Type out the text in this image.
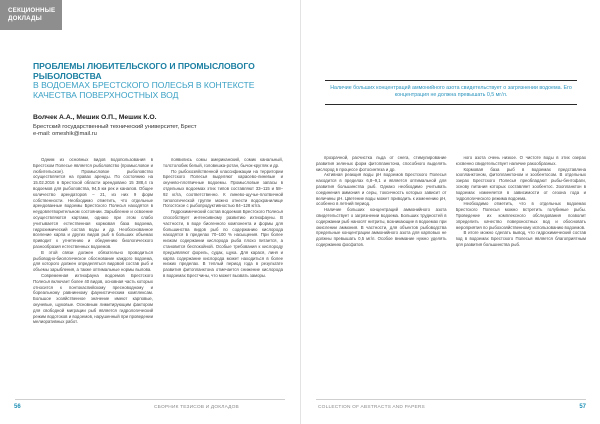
СЕКЦИОННЫЕ ДОКЛАДЫ
ПРОБЛЕМЫ ЛЮБИТЕЛЬСКОГО И ПРОМЫСЛОВОГО РЫБОЛОВСТВА
В ВОДОЕМАХ БРЕСТСКОГО ПОЛЕСЬЯ В КОНТЕКСТЕ КАЧЕСТВА ПОВЕРХНОСТНЫХ ВОД
Волчек А.А., Мешик О.П., Мешик К.О.
Брестский государственный технический университет, Брест
e-mail: omeshik@mail.ru

Одним из основных видов водопользования в Брестском Полесье является рыболовство (промысловое и любительское). Промысловое рыболовство осуществляется на правах аренды. По состоянию на 15.02.2016 в Брестской области арендовано 15 388,4 га водоемов для рыболовства, 94,5 км рек и каналов. Общее количество арендаторов – 21, из них 9 форм собственности. Необходимо отметить, что отдельные арендованные водоемы Брестского Полесья находятся в неудовлетворительном состоянии. Зарыбление и освоение осуществляются картами, однако при этом слабо учитывается естественная кормовая база водоема, гидрохимический состав воды и др. Необоснованное вселение карпа и других видов рыб в больших объемах приводит к угнетению и обеднению биологического разнообразия естественных водоемов.

В этой связи должен обязательно проводиться рыбоводно-биологическое обоснование каждого водоема, для которого должен определяться видовой состав рыб и объемы зарыбления, а также оптимальные нормы вылова.

Современная ихтиофауна водоемов Брестского Полесья включает более 40 видов, основная часть которых относится к понтокаспийскому пресноводному и бореальному равнинному фаунистическим комплексам. Большое хозяйственное значение имеют карповые, окуневые, щуковые. Основным лимитирующим фактором для свободной миграции рыб является гидрологический режим водотоков и водоемов, нарушенный при проведении мелиоративных работ.

появились сомы американский, сомик канальный, толстолобик белый, головешка-ротан, бычок-кругляк и др.

По рыбохозяйственной классификации на территории Брестского Полесья выделяют карасево-линевые и окунево-плотвичные водоемы. Промысловые запасы в отдельных водоемах этих типов составляют 33–115 и 58–92 кг/га, соответственно. К линево-щучье-плотвичной типологической группе можно отнести водохранилище Погостское с рыбопродуктивностью 84–128 кг/га.

Гидрохимический состав водоемов Брестского Полесья способствует интенсивному развитию ихтиофауны. В частности, в воде биогенного компонента и формы для большинства видов рыб по содержанию кислорода находятся в пределах 70–100 % насыщения. При более низком содержании кислорода рыба плохо питается, а становится беспокойной. Особые требования к кислороду предъявляют форель, судак, щука. Для карася, линя и карпа содержание кислорода может находиться в более низких пределах. В теплый период года в результате развития фитопланктона отмечается снижение кислорода в водоемах Брестчины, что может вызвать заморы.

56	СБОРНИК ТЕЗИСОВ И ДОКЛАДОВ
Наличие больших концентраций аммонийного азота свидетельствует о загрязнении водоема. Его концентрация не должна превышать 0,5 мг/л.

прозрачной, расчистка льда от снега, стимулирование развития зеленых форм фитопланктона, способного выделять кислород в процессе фотосинтеза и др.

Активная реакция воды pH водоемов Брестского Полесья находится в пределах 6,8–9,1 и является оптимальной для развития большинства рыб. Однако необходимо учитывать соединения аммония и серы, токсичность которых зависит от величины pH. Цветение воды может приводить к изменению pH, особенно в летний период.

Наличие больших концентраций аммонийного азота свидетельствует о загрязнении водоема. Больших трудностей в содержании рыб наносят нитриты, возникающие в водоемах при окислении аммония. В частности, для объектов рыбоводства предельные концентрации аммонийного азота для карповых не должны превышать 0,5 мг/л. Особое внимание нужно уделять содержанию фосфатов.

ного азота очень низкое. О чистоте воды в этих озерах косвенно свидетельствует наличие ракообразных.

Кормовая база рыб в водоемах представлена зоопланктоном, фитопланктоном и зообентосом. В отдельных озерах Брестского Полесья преобладают рыбы-бентофаги, основу питания которых составляет зообентос. Зоопланктон в водоемах изменяется в зависимости от сезона года и гидрологического режима водоема.

Необходимо отметить, что в отдельных водоемах Брестского Полесья можно встретить голубиные рыбы. Проведение их комплексного обследования позволит определить качество поверхностных вод и обосновать мероприятия по рыбохозяйственному использованию водоемов.

В итоге можно сделать вывод, что гидрохимический состав вод в водоемах Брестского Полесья является благоприятным для развития большинства рыб.

COLLECTION OF ABSTRACTS AND PAPERS	57
